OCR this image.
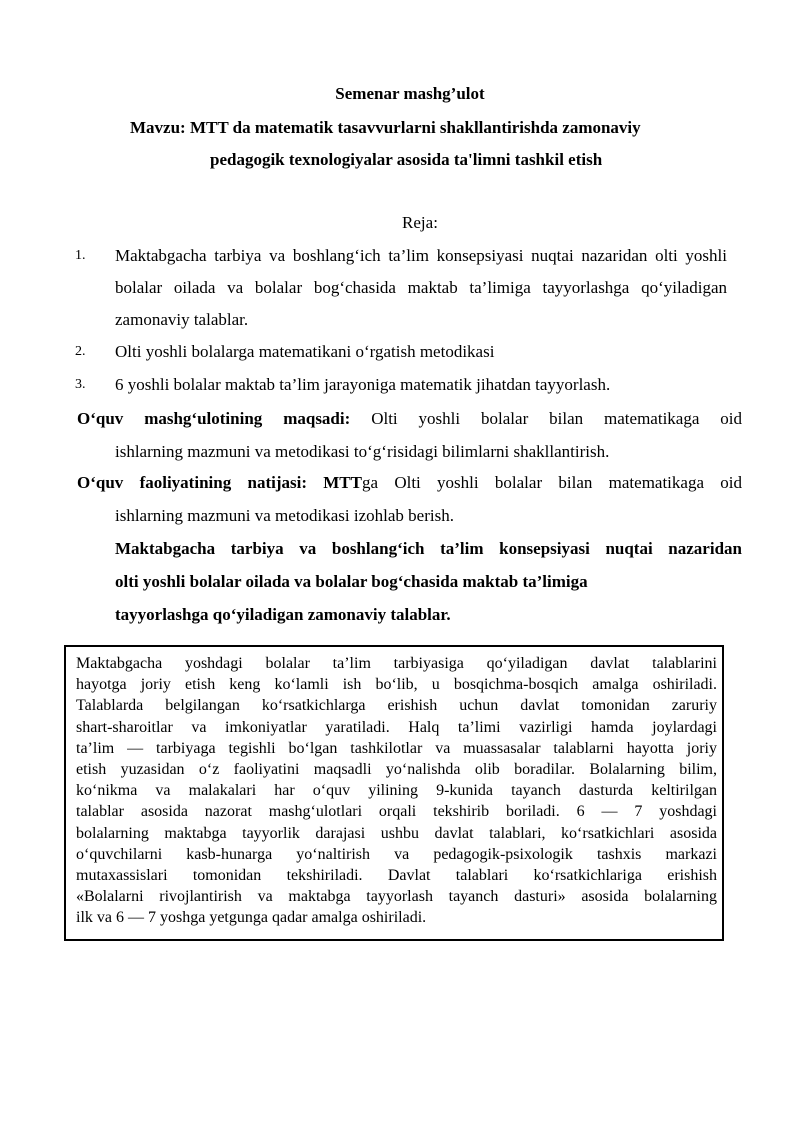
Semenar mashg’ulot
Mavzu: MTT da matematik tasavvurlarni shakllantirishda zamonaviy
pedagogik texnologiyalar asosida ta'limni tashkil etish
Reja:
1. Maktabgacha tarbiya va boshlang‘ich ta’lim konsepsiyasi nuqtai nazaridan olti yoshli bolalar oilada va bolalar bog‘chasida maktab ta’limiga tayyorlashga qo‘yiladigan zamonaviy talablar.
2. Olti yoshli bolalarga matematikani o‘rgatish metodikasi
3. 6 yoshli bolalar maktab ta’lim jarayoniga matematik jihatdan tayyorlash.
O‘quv mashg‘ulotining maqsadi: Olti yoshli bolalar bilan matematikaga oid
ishlarning mazmuni va metodikasi to‘g‘risidagi bilimlarni shakllantirish.
O‘quv faoliyatining natijasi: MTTga Olti yoshli bolalar bilan matematikaga oid
ishlarning mazmuni va metodikasi izohlab berish.
Maktabgacha tarbiya va boshlang‘ich ta’lim konsepsiyasi nuqtai nazaridan
olti yoshli bolalar oilada va bolalar bog‘chasida maktab ta’limiga
tayyorlashga qo‘yiladigan zamonaviy talablar.
Maktabgacha yoshdagi bolalar ta’lim tarbiyasiga qo‘yiladigan davlat talablarini
hayotga joriy etish keng ko‘lamli ish bo‘lib, u bosqichma-bosqich amalga oshiriladi.
Talablarda belgilangan ko‘rsatkichlarga erishish uchun davlat tomonidan zaruriy
shart-sharoitlar va imkoniyatlar yaratiladi. Halq ta’limi vazirligi hamda joylardagi
ta’lim — tarbiyaga tegishli bo‘lgan tashkilotlar va muassasalar talablarni hayotta joriy
etish yuzasidan o‘z faoliyatini maqsadli yo‘nalishda olib boradilar. Bolalarning bilim,
ko‘nikma va malakalari har o‘quv yilining 9-kunida tayanch dasturda keltirilgan
talablar asosida nazorat mashg‘ulotlari orqali tekshirib boriladi. 6 — 7 yoshdagi
bolalarning maktabga tayyorlik darajasi ushbu davlat talablari, ko‘rsatkichlari asosida
o‘quvchilarni kasb-hunarga yo‘naltirish va pedagogik-psixologik tashxis markazi
mutaxassislari tomonidan tekshiriladi. Davlat talablari ko‘rsatkichlariga erishish
«Bolalarni rivojlantirish va maktabga tayyorlash tayanch dasturi» asosida bolalarning
ilk va 6 — 7 yoshga yetgunga qadar amalga oshiriladi.
